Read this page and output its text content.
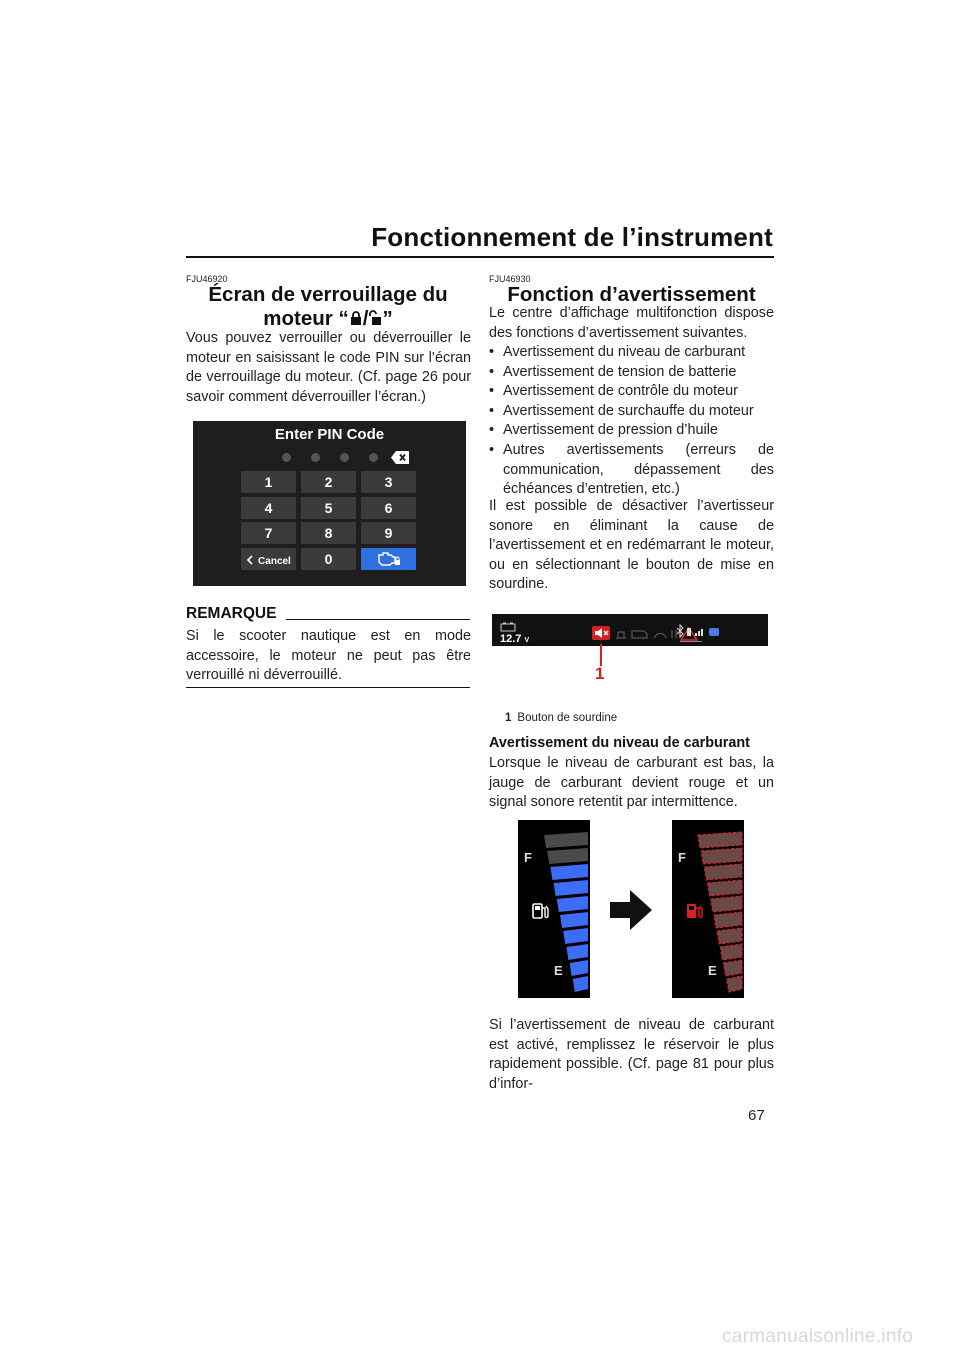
Fonctionnement de l’instrument
FJU46920
Écran de verrouillage du
moteur “ / ”

Vous pouvez verrouiller ou déverrouiller le moteur en saisissant le code PIN sur l’écran de verrouillage du moteur. (Cf. page 26 pour savoir comment déverrouiller l’écran.)

Enter PIN Code
1	2	3
4	5	6
7	8	9
Cancel	0
REMARQUE

Si le scooter nautique est en mode accessoire, le moteur ne peut pas être verrouillé ni déverrouillé.

FJU46930
Fonction d’avertissement

Le centre d’affichage multifonction dispose des fonctions d’avertissement suivantes.

• Avertissement du niveau de carburant
• Avertissement de tension de batterie
• Avertissement de contrôle du moteur
• Avertissement de surchauffe du moteur
• Avertissement de pression d’huile
• Autres avertissements (erreurs de communication, dépassement des échéances d’entretien, etc.)

Il est possible de désactiver l’avertisseur sonore en éliminant la cause de l’avertissement et en redémarrant le moteur, ou en sélectionnant le bouton de mise en sourdine.

12.7 V
1
1 Bouton de sourdine
Avertissement du niveau de carburant

Lorsque le niveau de carburant est bas, la jauge de carburant devient rouge et un signal sonore retentit par intermittence.

F
E
F
E

Si l’avertissement de niveau de carburant est activé, remplissez le réservoir le plus rapidement possible. (Cf. page 81 pour plus d’infor-

67
carmanualsonline.info
